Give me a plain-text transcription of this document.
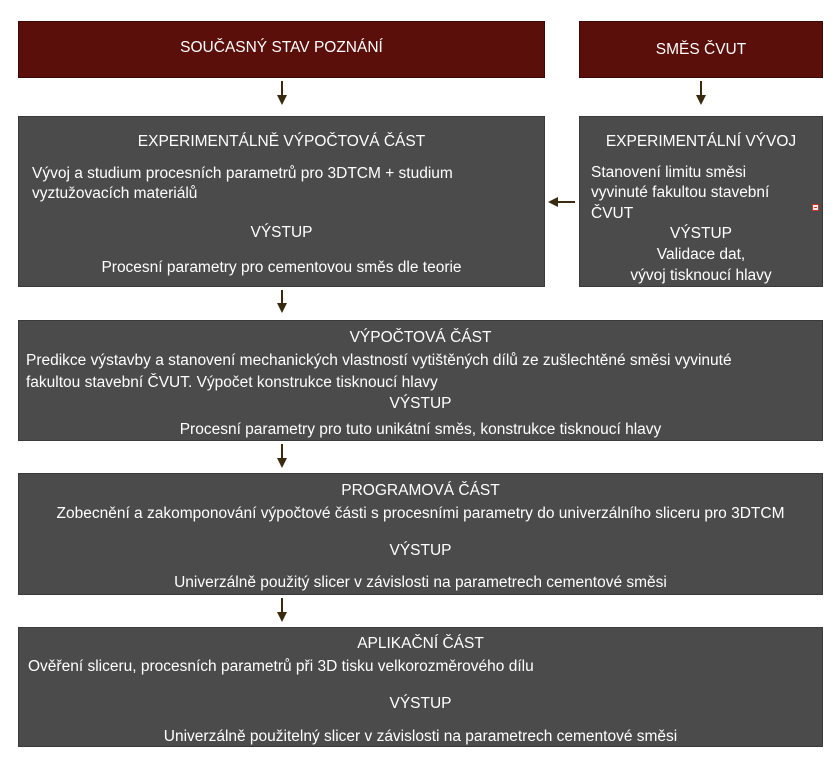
SOUČASNÝ STAV POZNÁNÍ	SMĚS ČVUT
EXPERIMENTÁLNĚ VÝPOČTOVÁ ČÁST
Vývoj a studium procesních parametrů pro 3DTCM + studium
vyztužovacích materiálů
VÝSTUP
Procesní parametry pro cementovou směs dle teorie
EXPERIMENTÁLNÍ VÝVOJ
Stanovení limitu směsi
vyvinuté fakultou stavební
ČVUT
VÝSTUP
Validace dat,
vývoj tisknoucí hlavy
VÝPOČTOVÁ ČÁST
Predikce výstavby a stanovení mechanických vlastností vytištěných dílů ze zušlechtěné směsi vyvinuté
fakultou stavební ČVUT. Výpočet konstrukce tisknoucí hlavy
VÝSTUP
Procesní parametry pro tuto unikátní směs, konstrukce tisknoucí hlavy
PROGRAMOVÁ ČÁST
Zobecnění a zakomponování výpočtové části s procesními parametry do univerzálního sliceru pro 3DTCM
VÝSTUP
Univerzálně použitý slicer v závislosti na parametrech cementové směsi
APLIKAČNÍ ČÁST
Ověření sliceru, procesních parametrů při 3D tisku velkorozměrového dílu
VÝSTUP
Univerzálně použitelný slicer v závislosti na parametrech cementové směsi
